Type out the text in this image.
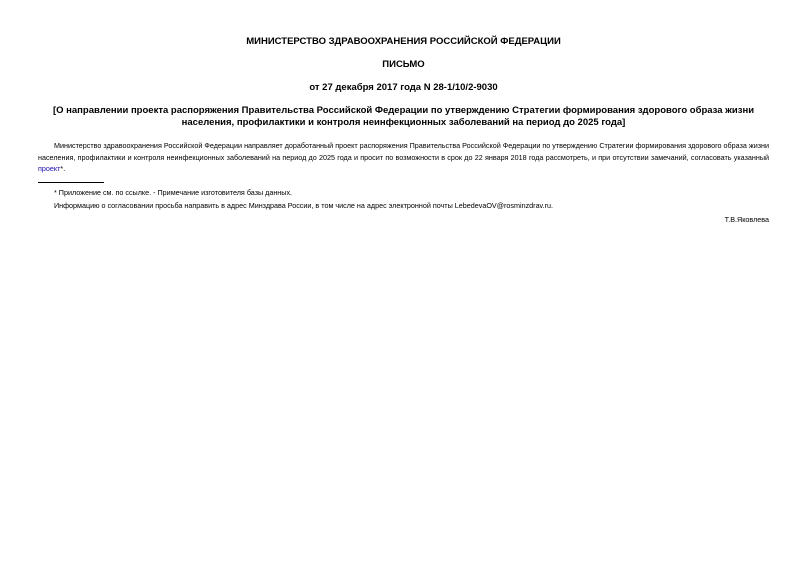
МИНИСТЕРСТВО ЗДРАВООХРАНЕНИЯ РОССИЙСКОЙ ФЕДЕРАЦИИ
ПИСЬМО
от 27 декабря 2017 года N 28-1/10/2-9030
[О направлении проекта распоряжения Правительства Российской Федерации по утверждению Стратегии формирования здорового образа жизни населения, профилактики и контроля неинфекционных заболеваний на период до 2025 года]
Министерство здравоохранения Российской Федерации направляет доработанный проект распоряжения Правительства Российской Федерации по утверждению Стратегии формирования здорового образа жизни населения, профилактики и контроля неинфекционных заболеваний на период до 2025 года и просит по возможности в срок до 22 января 2018 года рассмотреть, и при отсутствии замечаний, согласовать указанный проект*.
* Приложение см. по ссылке. - Примечание изготовителя базы данных.
Информацию о согласовании просьба направить в адрес Минздрава России, в том числе на адрес электронной почты LebedevaOV@rosminzdrav.ru.
Т.В.Яковлева
